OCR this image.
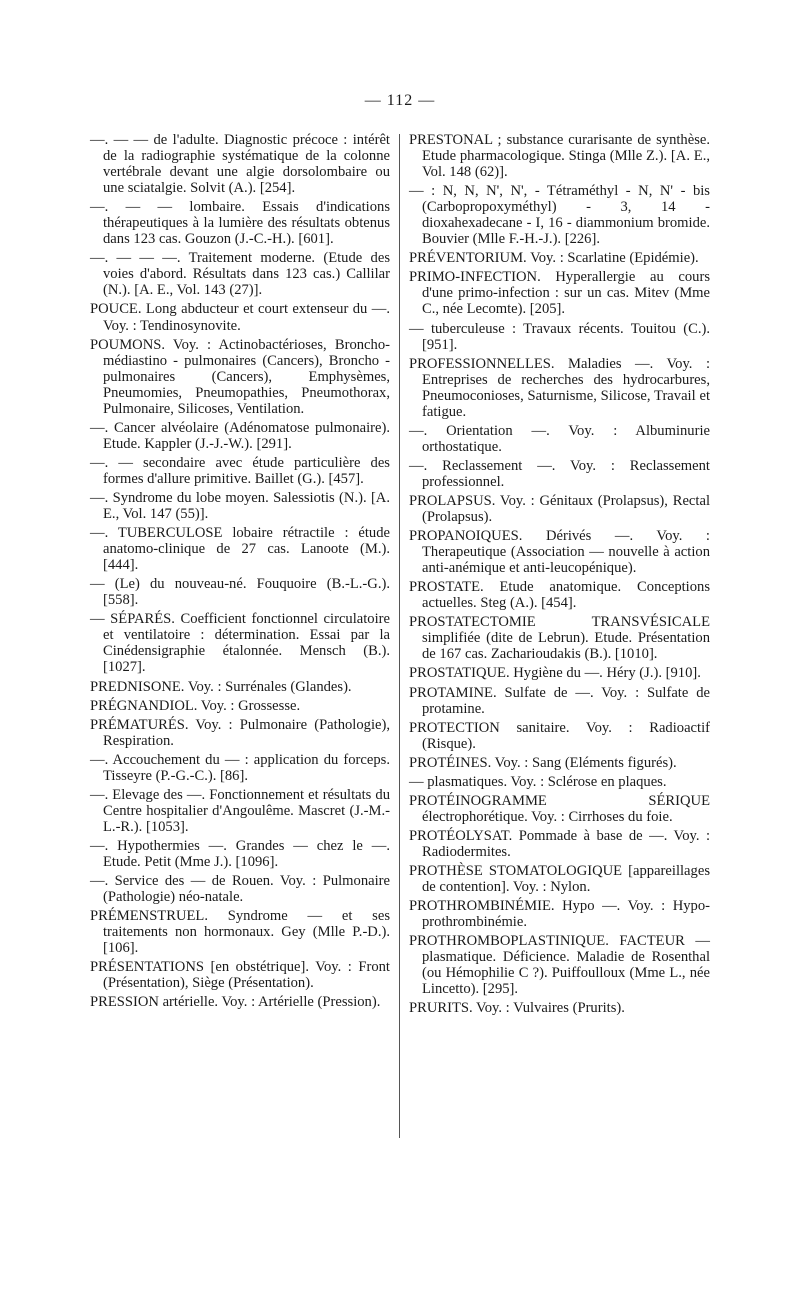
— 112 —

—. — — de l'adulte. Diagnostic précoce : intérêt de la radiographie systématique de la colonne vertébrale devant une algie dorsolombaire ou une sciatalgie. Solvit (A.). [254].

—. — — lombaire. Essais d'indications thérapeutiques à la lumière des résultats obtenus dans 123 cas. Gouzon (J.-C.-H.). [601].

—. — — —. Traitement moderne. (Etude des voies d'abord. Résultats dans 123 cas.) Callilar (N.). [A. E., Vol. 143 (27)].

POUCE. Long abducteur et court extenseur du —. Voy. : Tendinosynovite.

POUMONS. Voy. : Actinobactérioses, Broncho-médiastino - pulmonaires (Cancers), Broncho - pulmonaires (Cancers), Emphysèmes, Pneumomies, Pneumopathies, Pneumothorax, Pulmonaire, Silicoses, Ventilation.

—. Cancer alvéolaire (Adénomatose pulmonaire). Etude. Kappler (J.-J.-W.). [291].

—. — secondaire avec étude particulière des formes d'allure primitive. Baillet (G.). [457].

—. Syndrome du lobe moyen. Salessiotis (N.). [A. E., Vol. 147 (55)].

—. TUBERCULOSE lobaire rétractile : étude anatomo-clinique de 27 cas. Lanoote (M.). [444].

— (Le) du nouveau-né. Fouquoire (B.-L.-G.). [558].

— SÉPARÉS. Coefficient fonctionnel circulatoire et ventilatoire : détermination. Essai par la Cinédensigraphie étalonnée. Mensch (B.). [1027].

PREDNISONE. Voy. : Surrénales (Glandes).

PRÉGNANDIOL. Voy. : Grossesse.

PRÉMATURÉS. Voy. : Pulmonaire (Pathologie), Respiration.

—. Accouchement du — : application du forceps. Tisseyre (P.-G.-C.). [86].

—. Elevage des —. Fonctionnement et résultats du Centre hospitalier d'Angoulême. Mascret (J.-M.-L.-R.). [1053].

—. Hypothermies —. Grandes — chez le —. Etude. Petit (Mme J.). [1096].

—. Service des — de Rouen. Voy. : Pulmonaire (Pathologie) néo-natale.

PRÉMENSTRUEL. Syndrome — et ses traitements non hormonaux. Gey (Mlle P.-D.). [106].

PRÉSENTATIONS [en obstétrique]. Voy. : Front (Présentation), Siège (Présentation).

PRESSION artérielle. Voy. : Artérielle (Pression).

PRESTONAL ; substance curarisante de synthèse. Etude pharmacologique. Stinga (Mlle Z.). [A. E., Vol. 148 (62)].

— : N, N, N', N', - Tétraméthyl - N, N' - bis (Carbopropoxyméthyl) - 3, 14 - dioxahexadecane - I, 16 - diammonium bromide. Bouvier (Mlle F.-H.-J.). [226].

PRÉVENTORIUM. Voy. : Scarlatine (Epidémie).

PRIMO-INFECTION. Hyperallergie au cours d'une primo-infection : sur un cas. Mitev (Mme C., née Lecomte). [205].

— tuberculeuse : Travaux récents. Touitou (C.). [951].

PROFESSIONNELLES. Maladies —. Voy. : Entreprises de recherches des hydrocarbures, Pneumoconioses, Saturnisme, Silicose, Travail et fatigue.

—. Orientation —. Voy. : Albuminurie orthostatique.

—. Reclassement —. Voy. : Reclassement professionnel.

PROLAPSUS. Voy. : Génitaux (Prolapsus), Rectal (Prolapsus).

PROPANOIQUES. Dérivés —. Voy. : Therapeutique (Association — nouvelle à action anti-anémique et anti-leucopénique).

PROSTATE. Etude anatomique. Conceptions actuelles. Steg (A.). [454].

PROSTATECTOMIE TRANSVÉSICALE simplifiée (dite de Lebrun). Etude. Présentation de 167 cas. Zacharioudakis (B.). [1010].

PROSTATIQUE. Hygiène du —. Héry (J.). [910].

PROTAMINE. Sulfate de —. Voy. : Sulfate de protamine.

PROTECTION sanitaire. Voy. : Radioactif (Risque).

PROTÉINES. Voy. : Sang (Eléments figurés).

— plasmatiques. Voy. : Sclérose en plaques.

PROTÉINOGRAMME SÉRIQUE électrophorétique. Voy. : Cirrhoses du foie.

PROTÉOLYSAT. Pommade à base de —. Voy. : Radiodermites.

PROTHÈSE STOMATOLOGIQUE [appareillages de contention]. Voy. : Nylon.

PROTHROMBINÉMIE. Hypo —. Voy. : Hypo-prothrombinémie.

PROTHROMBOPLASTINIQUE. FACTEUR — plasmatique. Déficience. Maladie de Rosenthal (ou Hémophilie C ?). Puiffoulloux (Mme L., née Lincetto). [295].

PRURITS. Voy. : Vulvaires (Prurits).
